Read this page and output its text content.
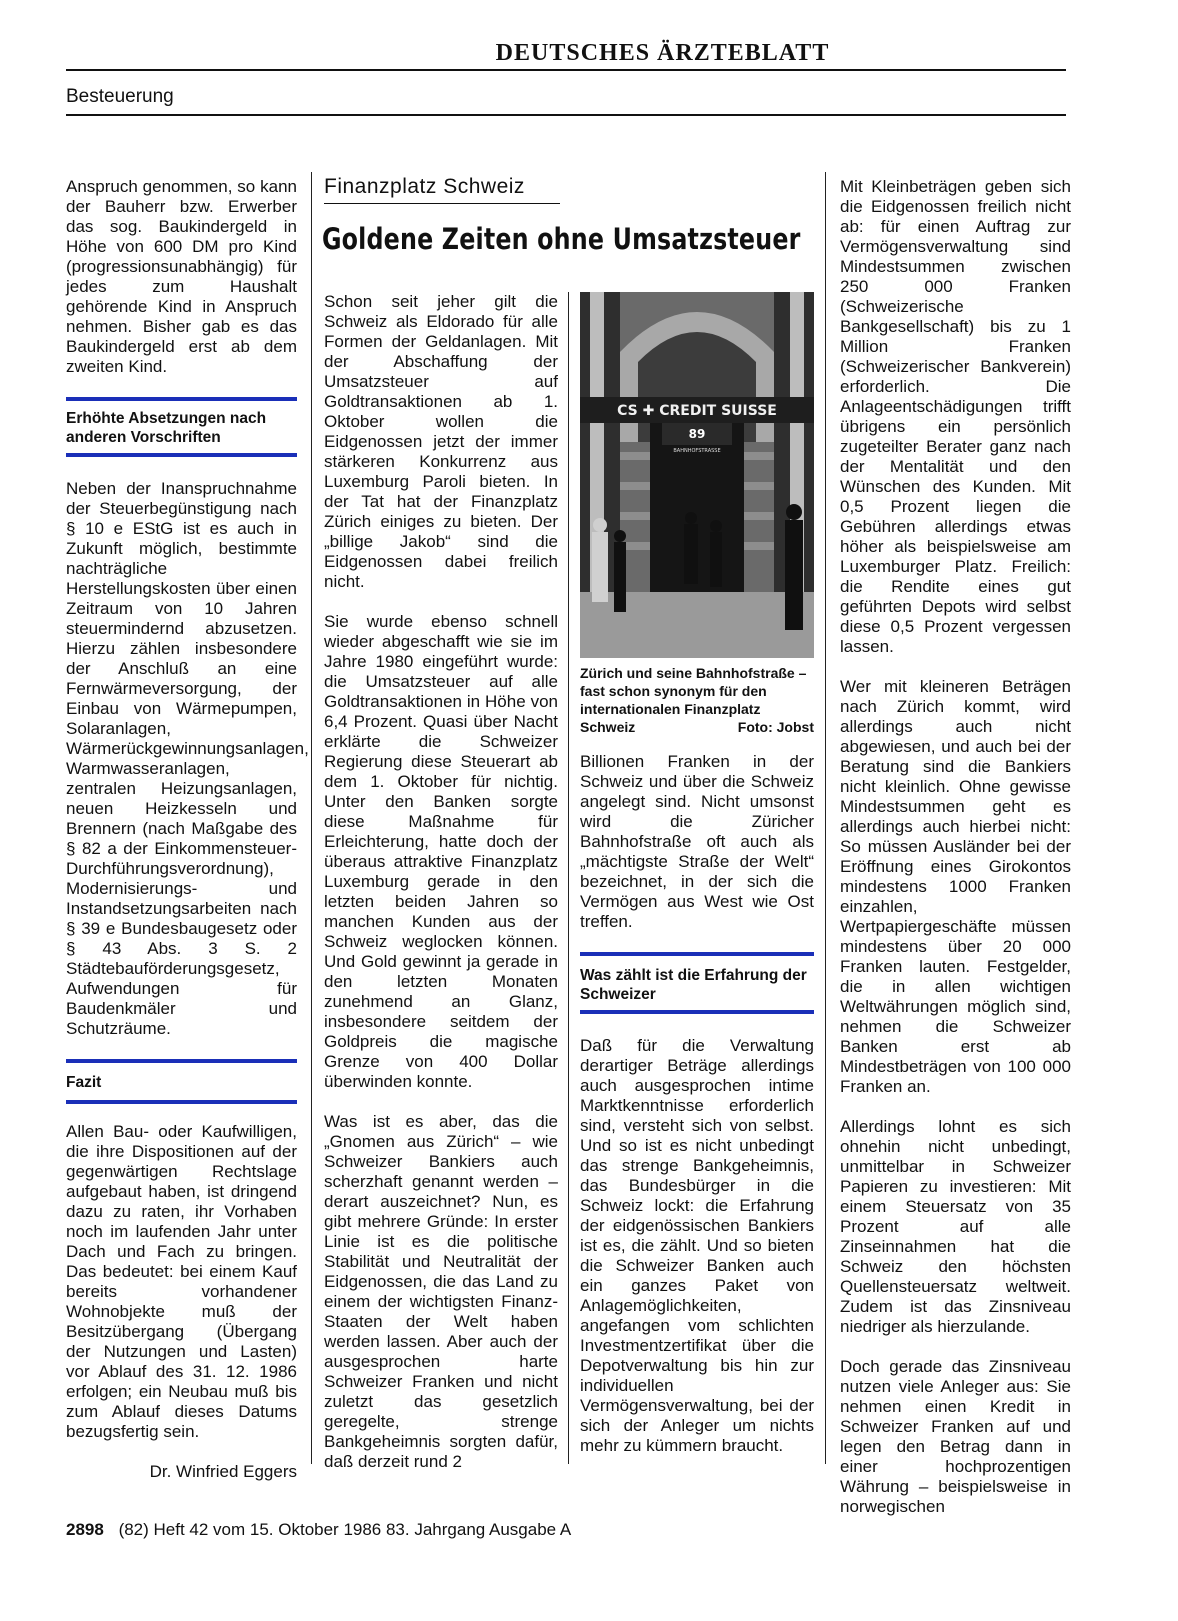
DEUTSCHES ÄRZTEBLATT
Besteuerung

Anspruch genommen, so kann der Bauherr bzw. Erwerber das sog. Baukindergeld in Höhe von 600 DM pro Kind (progressionsunabhängig) für jedes zum Haushalt gehörende Kind in Anspruch nehmen. Bisher gab es das Baukindergeld erst ab dem zweiten Kind.

Erhöhte Absetzungen nach anderen Vorschriften

Neben der Inanspruchnahme der Steuerbegünstigung nach § 10 e EStG ist es auch in Zukunft möglich, bestimmte nachträgliche Herstellungskosten über einen Zeitraum von 10 Jahren steuermindernd abzusetzen. Hierzu zählen insbesondere der Anschluß an eine Fernwärmeversorgung, der Einbau von Wärmepumpen, Solaranlagen, Wärmerückgewinnungsanlagen, Warmwasseranlagen, zentralen Heizungsanlagen, neuen Heizkesseln und Brennern (nach Maßgabe des § 82 a der Einkommensteuer-Durchführungsverordnung), Modernisierungs- und Instandsetzungsarbeiten nach § 39 e Bundesbaugesetz oder § 43 Abs. 3 S. 2 Städtebauförderungsgesetz, Aufwendungen für Baudenkmäler und Schutzräume.

Fazit

Allen Bau- oder Kaufwilligen, die ihre Dispositionen auf der gegenwärtigen Rechtslage aufgebaut haben, ist dringend dazu zu raten, ihr Vorhaben noch im laufenden Jahr unter Dach und Fach zu bringen. Das bedeutet: bei einem Kauf bereits vorhandener Wohnobjekte muß der Besitzübergang (Übergang der Nutzungen und Lasten) vor Ablauf des 31. 12. 1986 erfolgen; ein Neubau muß bis zum Ablauf dieses Datums bezugsfertig sein.

Dr. Winfried Eggers
Finanzplatz Schweiz
Goldene Zeiten ohne Umsatzsteuer

Schon seit jeher gilt die Schweiz als Eldorado für alle Formen der Geldanlagen. Mit der Abschaffung der Umsatzsteuer auf Goldtransaktionen ab 1. Oktober wollen die Eidgenossen jetzt der immer stärkeren Konkurrenz aus Luxemburg Paroli bieten. In der Tat hat der Finanzplatz Zürich einiges zu bieten. Der „billige Jakob“ sind die Eidgenossen dabei freilich nicht.

Sie wurde ebenso schnell wieder abgeschafft wie sie im Jahre 1980 eingeführt wurde: die Umsatzsteuer auf alle Goldtransaktionen in Höhe von 6,4 Prozent. Quasi über Nacht erklärte die Schweizer Regierung diese Steuerart ab dem 1. Oktober für nichtig. Unter den Banken sorgte diese Maßnahme für Erleichterung, hatte doch der überaus attraktive Finanzplatz Luxemburg gerade in den letzten beiden Jahren so manchen Kunden aus der Schweiz weglocken können. Und Gold gewinnt ja gerade in den letzten Monaten zunehmend an Glanz, insbesondere seitdem der Goldpreis die magische Grenze von 400 Dollar überwinden konnte.

Was ist es aber, das die „Gnomen aus Zürich“ – wie Schweizer Bankiers auch scherzhaft genannt werden – derart auszeichnet? Nun, es gibt mehrere Gründe: In erster Linie ist es die politische Stabilität und Neutralität der Eidgenossen, die das Land zu einem der wichtigsten Finanz-Staaten der Welt haben werden lassen. Aber auch der ausgesprochen harte Schweizer Franken und nicht zuletzt das gesetzlich geregelte, strenge Bankgeheimnis sorgten dafür, daß derzeit rund 2

CS ✚ CREDIT SUISSE
89
BAHNHOFSTRASSE
Zürich und seine Bahnhofstraße – fast schon synonym für den internationalen Finanzplatz Schweiz	Foto: Jobst

Billionen Franken in der Schweiz und über die Schweiz angelegt sind. Nicht umsonst wird die Züricher Bahnhofstraße oft auch als „mächtigste Straße der Welt“ bezeichnet, in der sich die Vermögen aus West wie Ost treffen.

Was zählt ist die Erfahrung der Schweizer

Daß für die Verwaltung derartiger Beträge allerdings auch ausgesprochen intime Marktkenntnisse erforderlich sind, versteht sich von selbst. Und so ist es nicht unbedingt das strenge Bankgeheimnis, das Bundesbürger in die Schweiz lockt: die Erfahrung der eidgenössischen Bankiers ist es, die zählt. Und so bieten die Schweizer Banken auch ein ganzes Paket von Anlagemöglichkeiten, angefangen vom schlichten Investmentzertifikat über die Depotverwaltung bis hin zur individuellen Vermögensverwaltung, bei der sich der Anleger um nichts mehr zu kümmern braucht.

Mit Kleinbeträgen geben sich die Eidgenossen freilich nicht ab: für einen Auftrag zur Vermögensverwaltung sind Mindestsummen zwischen 250 000 Franken (Schweizerische Bankgesellschaft) bis zu 1 Million Franken (Schweizerischer Bankverein) erforderlich. Die Anlageentschädigungen trifft übrigens ein persönlich zugeteilter Berater ganz nach der Mentalität und den Wünschen des Kunden. Mit 0,5 Prozent liegen die Gebühren allerdings etwas höher als beispielsweise am Luxemburger Platz. Freilich: die Rendite eines gut geführten Depots wird selbst diese 0,5 Prozent vergessen lassen.

Wer mit kleineren Beträgen nach Zürich kommt, wird allerdings auch nicht abgewiesen, und auch bei der Beratung sind die Bankiers nicht kleinlich. Ohne gewisse Mindestsummen geht es allerdings auch hierbei nicht: So müssen Ausländer bei der Eröffnung eines Girokontos mindestens 1000 Franken einzahlen, Wertpapiergeschäfte müssen mindestens über 20 000 Franken lauten. Festgelder, die in allen wichtigen Weltwährungen möglich sind, nehmen die Schweizer Banken erst ab Mindestbeträgen von 100 000 Franken an.

Allerdings lohnt es sich ohnehin nicht unbedingt, unmittelbar in Schweizer Papieren zu investieren: Mit einem Steuersatz von 35 Prozent auf alle Zinseinnahmen hat die Schweiz den höchsten Quellensteuersatz weltweit. Zudem ist das Zinsniveau niedriger als hierzulande.

Doch gerade das Zinsniveau nutzen viele Anleger aus: Sie nehmen einen Kredit in Schweizer Franken auf und legen den Betrag dann in einer hochprozentigen Währung – beispielsweise in norwegischen

2898 (82) Heft 42 vom 15. Oktober 1986 83. Jahrgang Ausgabe A
